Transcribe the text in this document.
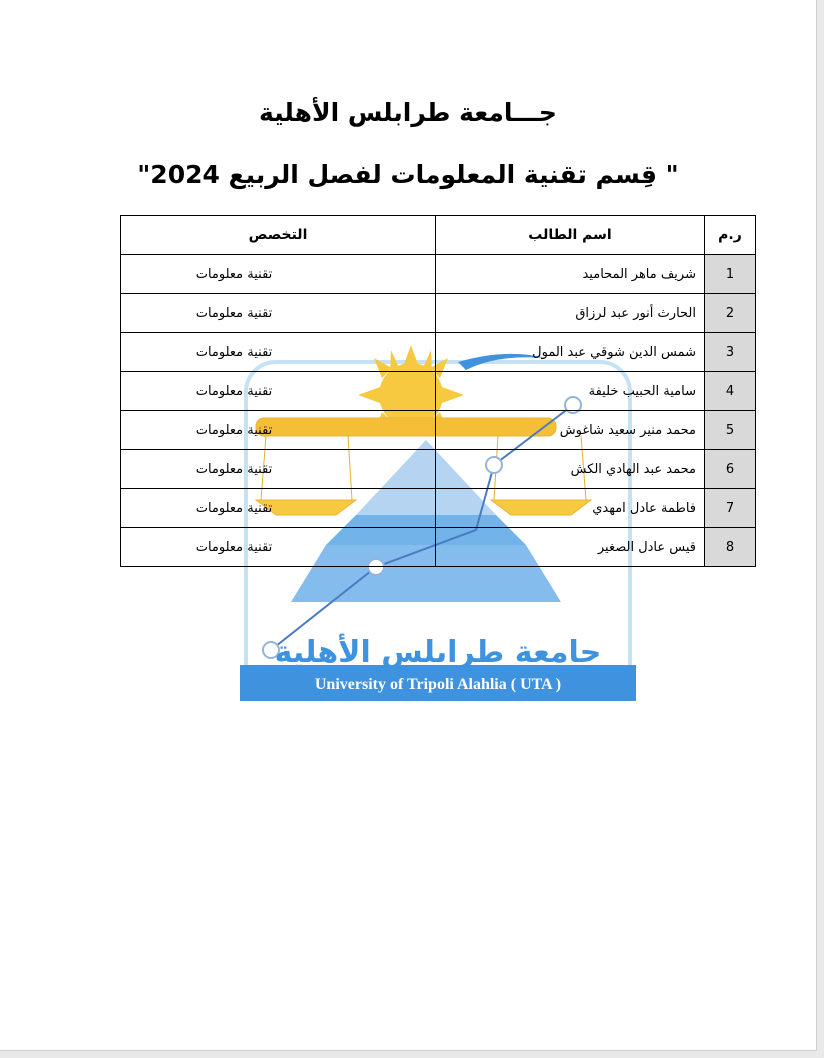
جامعة طرابلس الأهلية
University of Tripoli Alahlia ( UTA )
جـــامعة طرابلس الأهلية
" قِسم تقنية المعلومات لفصل الربيع 2024"
ر.م	اسم الطالب	التخصص
1	شريف ماهر المحاميد	تقنية معلومات
2	الحارث أنور عبد لرزاق	تقنية معلومات
3	شمس الدين شوقي عبد المول	تقنية معلومات
4	سامية الحبيب خليفة	تقنية معلومات
5	محمد منير سعيد شاغوش	تقنية معلومات
6	محمد عبد الهادي الكش	تقنية معلومات
7	فاطمة عادل امهدي	تقنية معلومات
8	قيس عادل الصغير	تقنية معلومات
